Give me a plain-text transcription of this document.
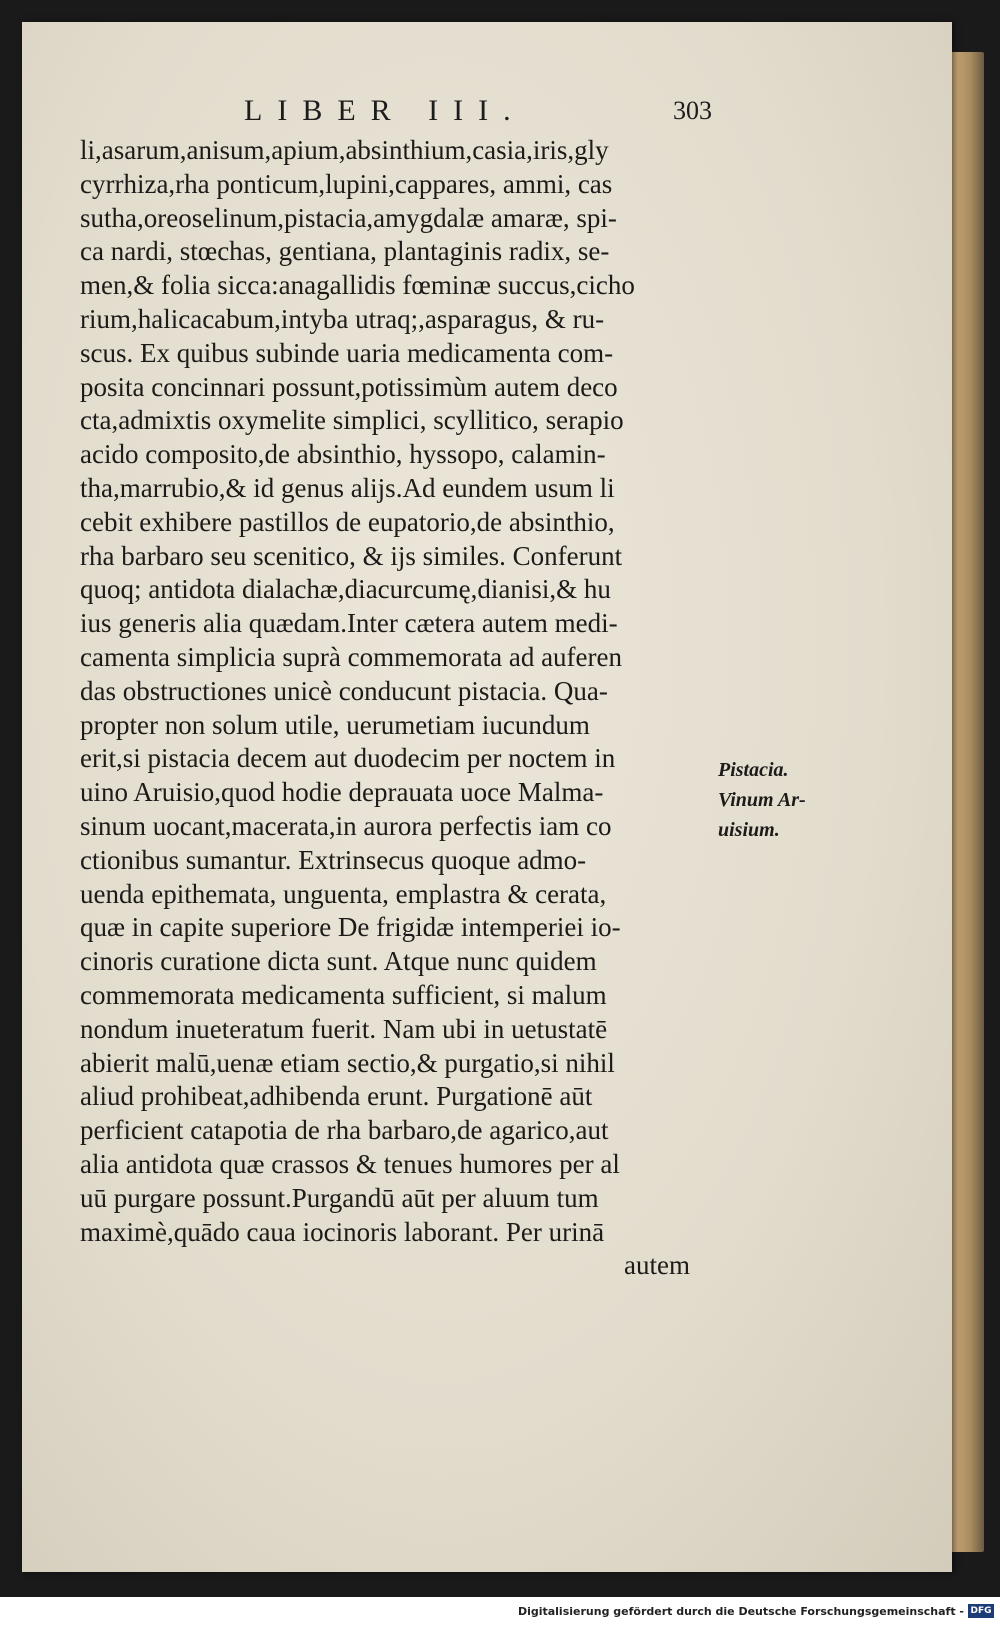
LIBER III.	303
li,asarum,anisum,apium,absinthium,casia,iris,gly
cyrrhiza,rha ponticum,lupini,cappares, ammi, cas
sutha,oreoselinum,pistacia,amygdalæ amaræ, spi-
ca nardi, stœchas, gentiana, plantaginis radix, se-
men,& folia sicca:anagallidis fœminæ succus,cicho
rium,halicacabum,intyba utraq;,asparagus, & ru-
scus. Ex quibus subinde uaria medicamenta com-
posita concinnari possunt,potissimùm autem deco
cta,admixtis oxymelite simplici, scyllitico, serapio
acido composito,de absinthio, hyssopo, calamin-
tha,marrubio,& id genus alijs.Ad eundem usum li
cebit exhibere pastillos de eupatorio,de absinthio,
rha barbaro seu scenitico, & ijs similes. Conferunt
quoq; antidota dialachæ,diacurcumę,dianisi,& hu
ius generis alia quædam.Inter cætera autem medi-
camenta simplicia suprà commemorata ad auferen
das obstructiones unicè conducunt pistacia. Qua-
propter non solum utile, uerumetiam iucundum
erit,si pistacia decem aut duodecim per noctem in
uino Aruisio,quod hodie deprauata uoce Malma-
sinum uocant,macerata,in aurora perfectis iam co
ctionibus sumantur. Extrinsecus quoque admo-
uenda epithemata, unguenta, emplastra & cerata,
quæ in capite superiore De frigidæ intemperiei io-
cinoris curatione dicta sunt. Atque nunc quidem
commemorata medicamenta sufficient, si malum
nondum inueteratum fuerit. Nam ubi in uetustatē
abierit malū,uenæ etiam sectio,& purgatio,si nihil
aliud prohibeat,adhibenda erunt. Purgationē aūt
perficient catapotia de rha barbaro,de agarico,aut
alia antidota quæ crassos & tenues humores per al
uū purgare possunt.Purgandū aūt per aluum tum
maximè,quādo caua iocinoris laborant. Per urinā
autem
Pistacia.
Vinum Ar-
uisium.
Digitalisierung gefördert durch die Deutsche Forschungsgemeinschaft - DFG
